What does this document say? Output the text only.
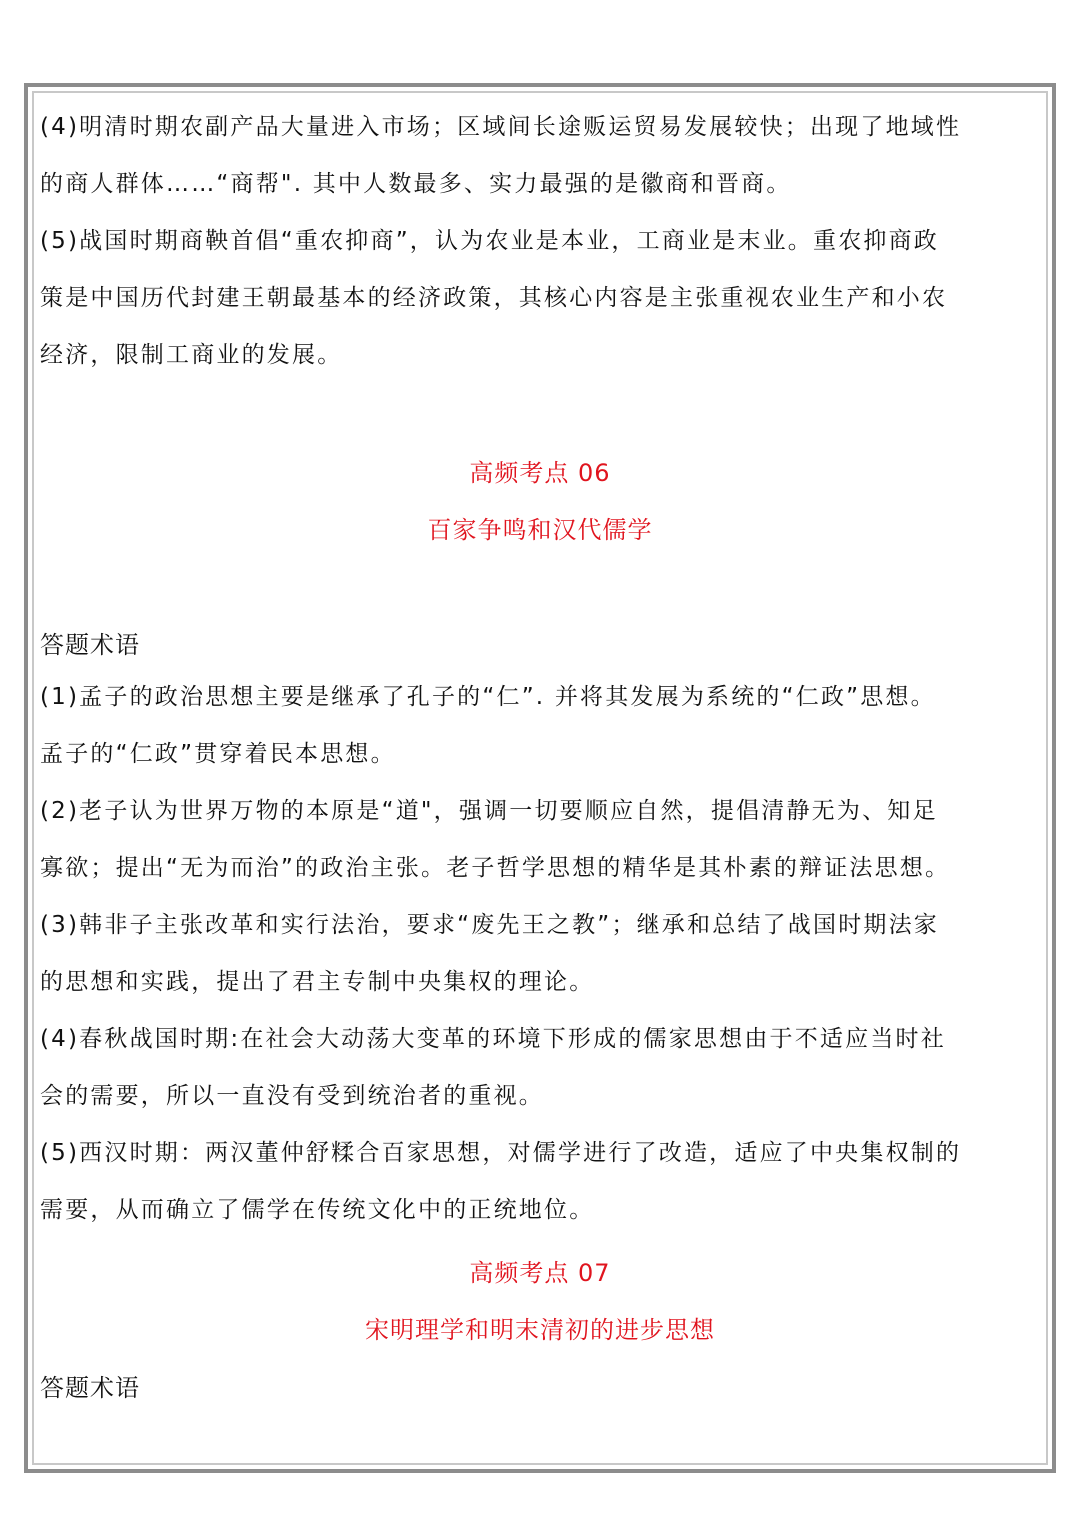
(4)明清时期农副产品大量进入市场；区域间长途贩运贸易发展较快；出现了地域性
的商人群体……“商帮". 其中人数最多、实力最强的是徽商和晋商。
(5)战国时期商鞅首倡“重农抑商”，认为农业是本业，工商业是末业。重农抑商政
策是中国历代封建王朝最基本的经济政策，其核心内容是主张重视农业生产和小农
经济，限制工商业的发展。
高频考点 06
百家争鸣和汉代儒学
答题术语
(1)孟子的政治思想主要是继承了孔子的“仁”. 并将其发展为系统的“仁政”思想。
孟子的“仁政”贯穿着民本思想。
(2)老子认为世界万物的本原是“道"，强调一切要顺应自然，提倡清静无为、知足
寡欲；提出“无为而治”的政治主张。老子哲学思想的精华是其朴素的辩证法思想。
(3)韩非子主张改革和实行法治，要求“废先王之教”；继承和总结了战国时期法家
的思想和实践，提出了君主专制中央集权的理论。
(4)春秋战国时期:在社会大动荡大变革的环境下形成的儒家思想由于不适应当时社
会的需要，所以一直没有受到统治者的重视。
(5)西汉时期：两汉董仲舒糅合百家思想，对儒学进行了改造，适应了中央集权制的
需要，从而确立了儒学在传统文化中的正统地位。
高频考点 07
宋明理学和明末清初的进步思想
答题术语
